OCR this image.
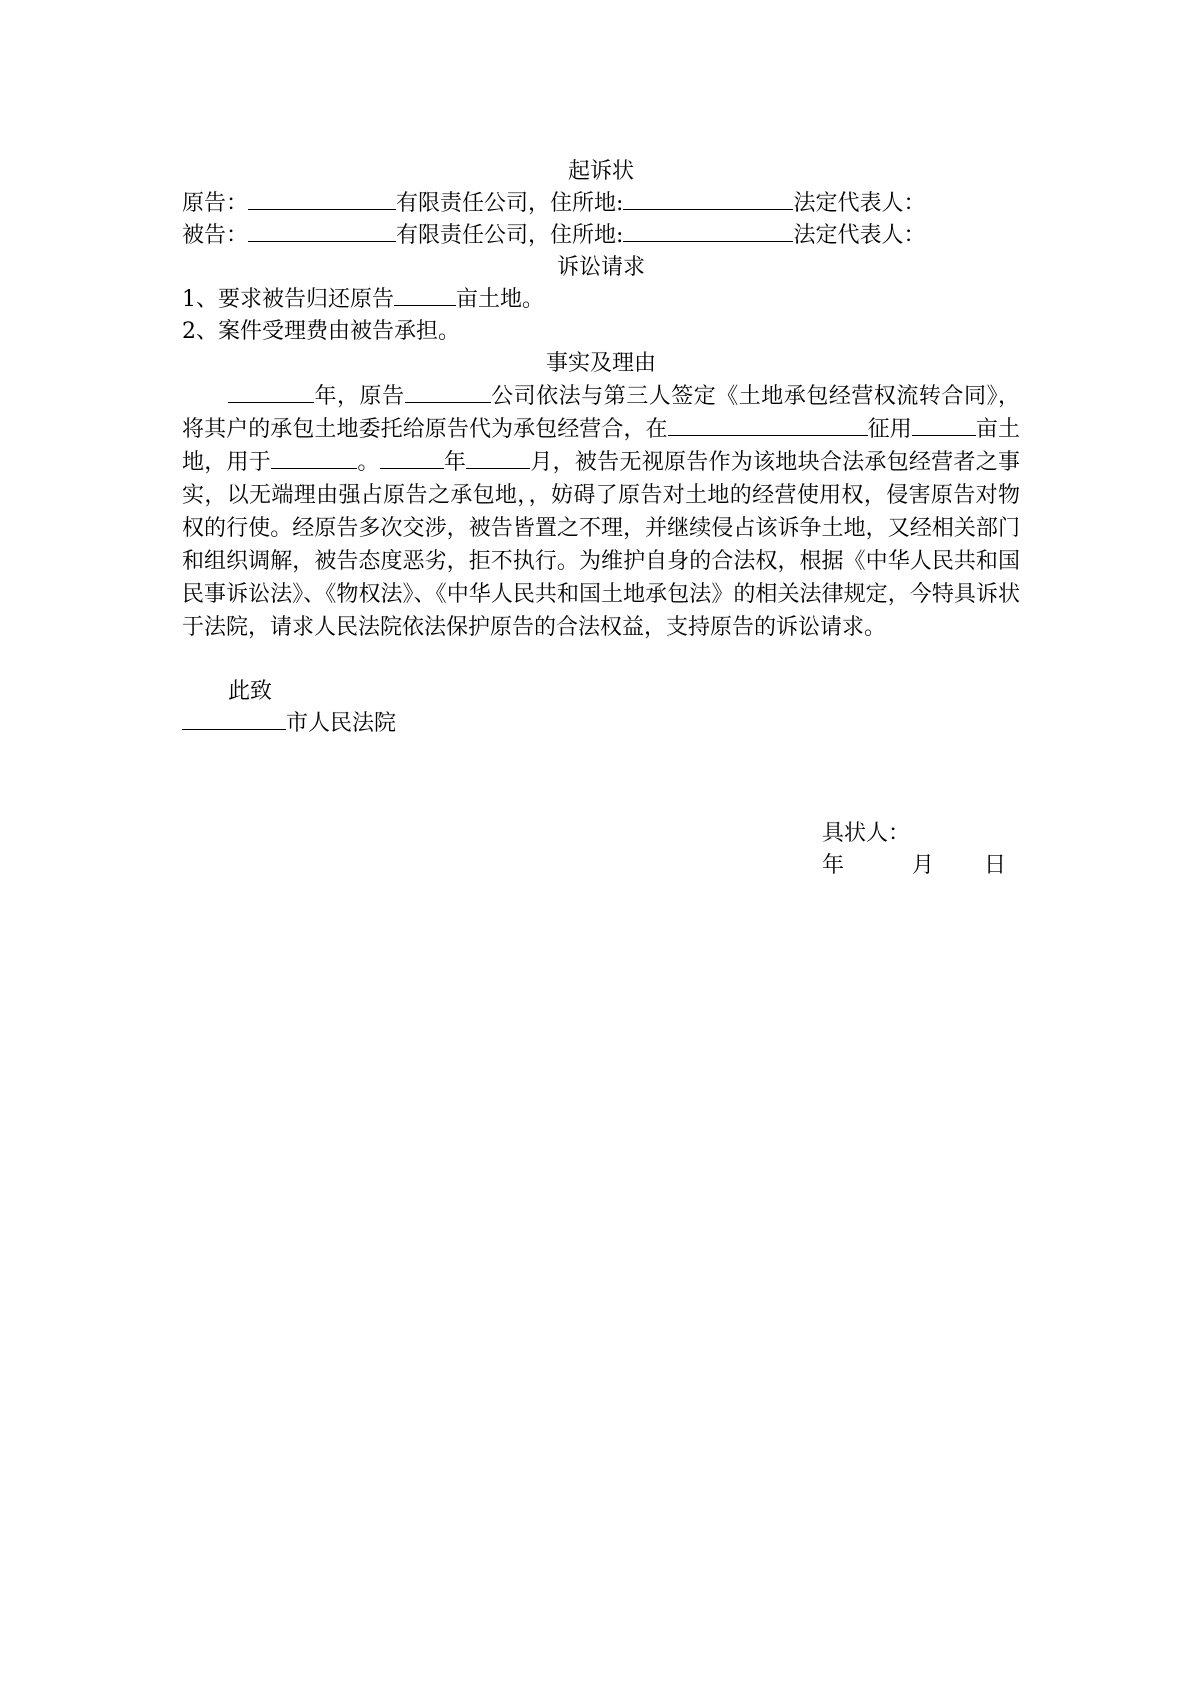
起诉状
原告：	有限责任公司，住所地:	法定代表人：
被告：	有限责任公司，住所地:	法定代表人：
诉讼请求
1、要求被告归还原告	亩土地。
2、案件受理费由被告承担。
事实及理由
年，原告	公司依法与第三人签定《土地承包经营权流转合同》，将其户的承包土地委托给原告代为承包经营合，在	征用	亩土地，用于	。	年	月，被告无视原告作为该地块合法承包经营者之事实，以无端理由强占原告之承包地，，妨碍了原告对土地的经营使用权，侵害原告对物权的行使。经原告多次交涉，被告皆置之不理，并继续侵占该诉争土地，又经相关部门和组织调解，被告态度恶劣，拒不执行。为维护自身的合法权，根据《中华人民共和国民事诉讼法》、《物权法》、《中华人民共和国土地承包法》的相关法律规定，今特具诉状于法院，请求人民法院依法保护原告的合法权益，支持原告的诉讼请求。
此致
市人民法院
具状人：
年	月 日
